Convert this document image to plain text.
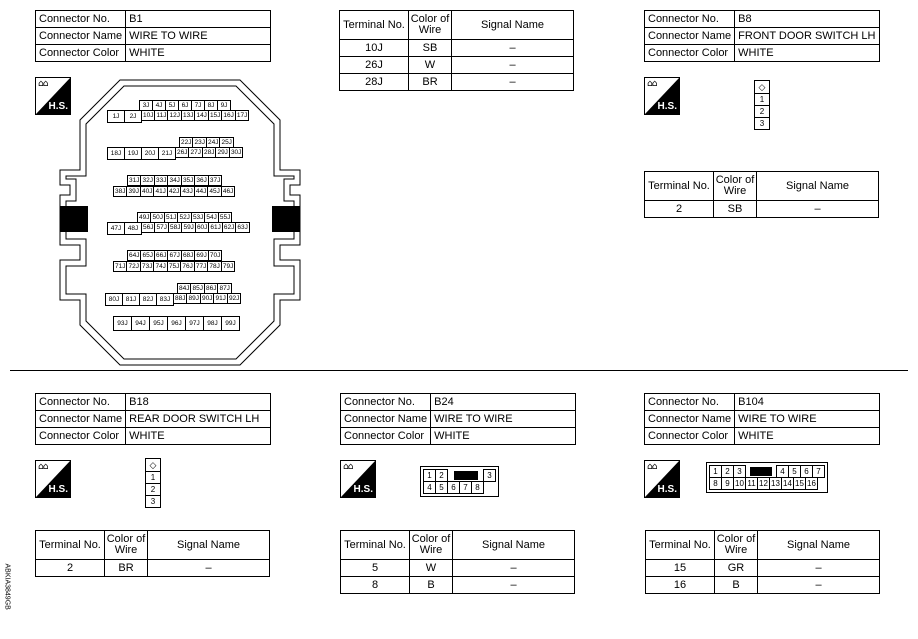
Connector No.	B1
Connector Name	WIRE TO WIRE
Connector Color	WHITE
⌂⌂
H.S.	3J 4J 5J 6J 7J 8J 9J
1J	2J	10J 11J 12J 13J 14J 15J 16J 17J
22J 23J 24J 25J
18J	19J	20J	21J 26J 27J 28J 29J 30J
31J 32J 33J 34J 35J 36J 37J
38J 39J 40J 41J 42J 43J 44J 45J 46J
49J 50J 51J 52J 53J 54J 55J
47J	48J 56J 57J 58J 59J 60J 61J 62J 63J
64J 65J 66J 67J 68J 69J 70J
71J 72J 73J 74J 75J 76J 77J 78J 79J
84J 85J 86J 87J
80J	81J	82J	83J 88J 89J 90J 91J 92J
93J	94J	95J	96J	97J	98J	99J
Terminal No.	Color of Wire	Signal Name
10J	SB	–
26J	W	–
28J	BR	–
Connector No.	B8
Connector Name	FRONT DOOR SWITCH LH
Connector Color	WHITE
⌂⌂
H.S.
◇
1
2
3
Terminal No.	Color of Wire	Signal Name
2	SB	–
Connector No.	B18
Connector Name	REAR DOOR SWITCH LH
Connector Color	WHITE
⌂⌂
H.S.
◇
1
2
3
Terminal No.	Color of Wire	Signal Name
2	BR	–
Connector No.	B24
Connector Name	WIRE TO WIRE
Connector Color	WHITE
⌂⌂
H.S.
1 2	3
4 5 6 7 8
Terminal No.	Color of Wire	Signal Name
5	W	–
8	B	–
Connector No.	B104
Connector Name	WIRE TO WIRE
Connector Color	WHITE
⌂⌂
H.S.
1 2 3	4 5 6 7
8 9 10 11 12 13 14 15 16
Terminal No.	Color of Wire	Signal Name
15	GR	–
16	B	–
ABKIA3849GB
